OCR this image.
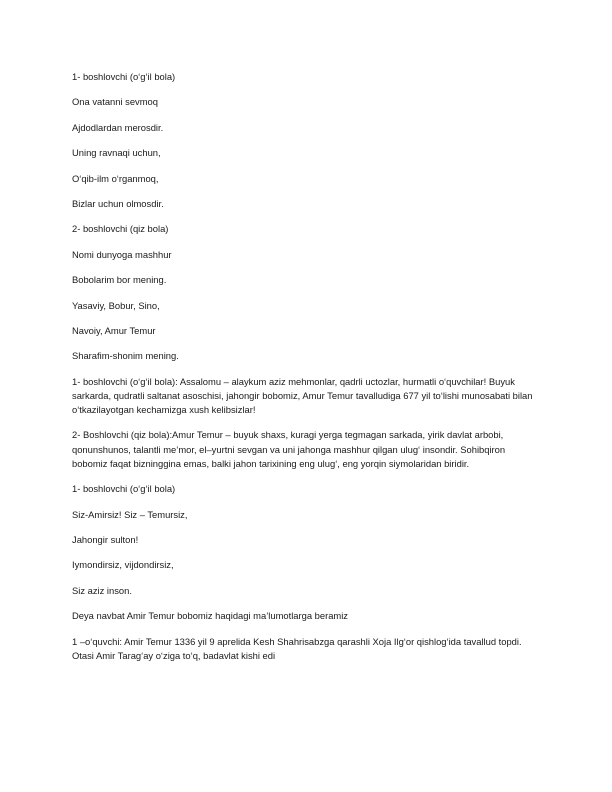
1- boshlovchi (o‘g‘il bola)

Ona vatanni sevmoq

Ajdodlardan merosdir.

Uning ravnaqi uchun,

O‘qib-ilm o‘rganmoq,

Bizlar uchun olmosdir.

2- boshlovchi (qiz bola)

Nomi dunyoga mashhur

Bobolarim bor mening.

Yasaviy, Bobur, Sino,

Navoiy, Amur Temur

Sharafim-shonim mening.

1- boshlovchi (o‘g‘il bola): Assalomu – alaykum aziz mehmonlar, qadrli uctozlar, hurmatli o‘quvchilar! Buyuk sarkarda, qudratli saltanat asoschisi, jahongir bobomiz, Amur Temur tavalludiga 677 yil to‘lishi munosabati bilan o‘tkazilayotgan kechamizga xush kelibsizlar!

2- Boshlovchi (qiz bola):Amur Temur – buyuk shaxs, kuragi yerga tegmagan sarkada, yirik davlat arbobi, qonunshunos, talantli me’mor, el–yurtni sevgan va uni jahonga mashhur qilgan ulug‘ insondir. Sohibqiron bobomiz faqat bizninggina emas, balki jahon tarixining eng ulug‘, eng yorqin siymolaridan biridir.

1- boshlovchi (o‘g‘il bola)

Siz-Amirsiz! Siz – Temursiz,

Jahongir sulton!

Iymondirsiz, vijdondirsiz,

Siz aziz inson.

Deya navbat Amir Temur bobomiz haqidagi ma’lumotlarga beramiz

1 –o‘quvchi: Amir Temur 1336 yil 9 aprelida Kesh Shahrisabzga qarashli Xoja Ilg‘or qishlog‘ida tavallud topdi. Otasi Amir Tarag‘ay o‘ziga to‘q, badavlat kishi edi
